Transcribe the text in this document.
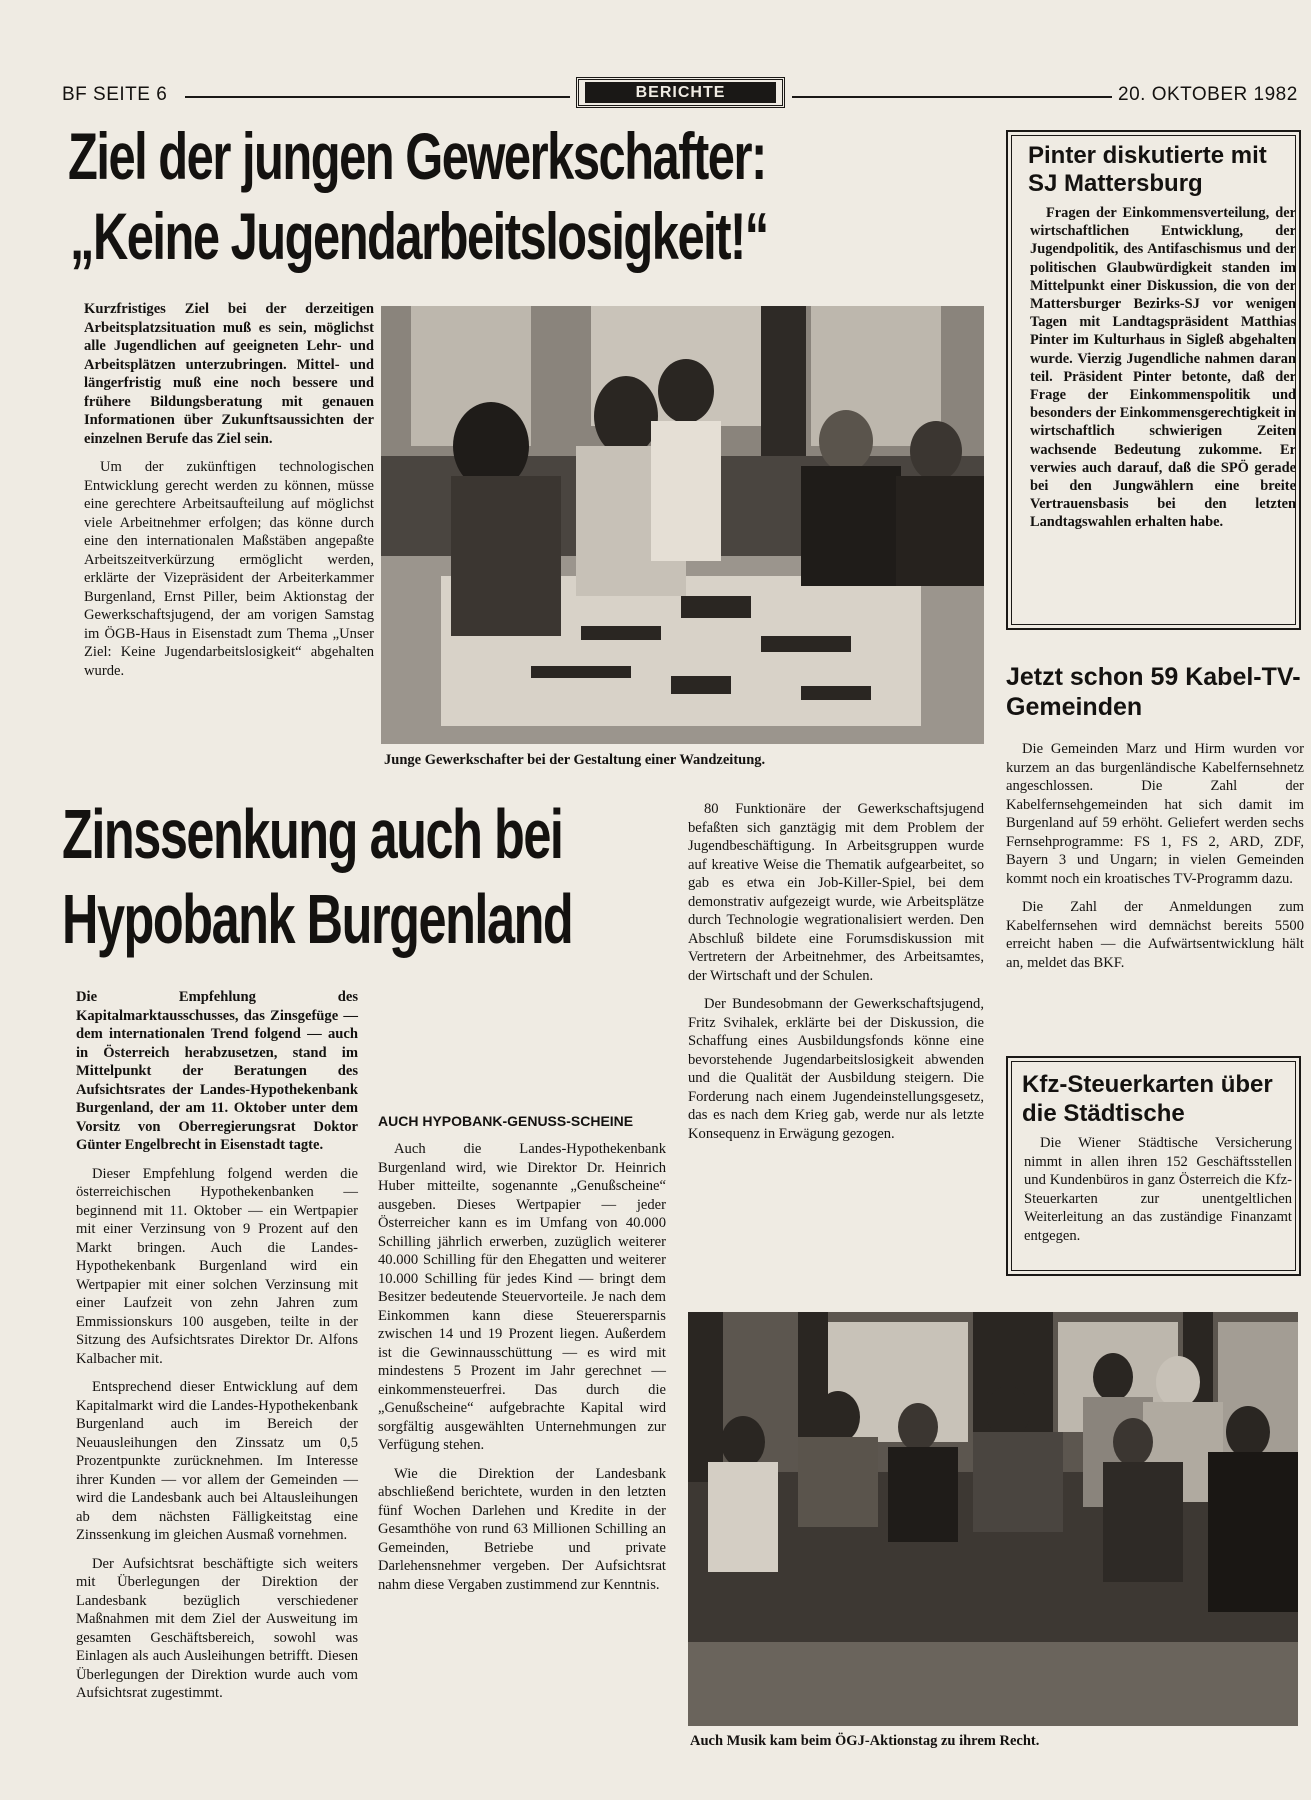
BF SEITE 6	BERICHTE	20. OKTOBER 1982
Ziel der jungen Gewerkschafter:
„Keine Jugendarbeitslosigkeit!“

Kurzfristiges Ziel bei der derzeitigen Arbeitsplatzsituation muß es sein, möglichst alle Jugendlichen auf geeigneten Lehr- und Arbeitsplätzen unterzubringen. Mittel- und längerfristig muß eine noch bessere und frühere Bildungsberatung mit genauen Informationen über Zukunftsaussichten der einzelnen Berufe das Ziel sein.

Um der zukünftigen technologischen Entwicklung gerecht werden zu können, müsse eine gerechtere Arbeitsaufteilung auf möglichst viele Arbeitnehmer erfolgen; das könne durch eine den internationalen Maßstäben angepaßte Arbeitszeitverkürzung ermöglicht werden, erklärte der Vizepräsident der Arbeiterkammer Burgenland, Ernst Piller, beim Aktionstag der Gewerkschaftsjugend, der am vorigen Samstag im ÖGB-Haus in Eisenstadt zum Thema „Unser Ziel: Keine Jugendarbeitslosigkeit“ abgehalten wurde.

Junge Gewerkschafter bei der Gestaltung einer Wandzeitung.
Zinssenkung auch bei
Hypobank Burgenland

Die Empfehlung des Kapitalmarktausschusses, das Zinsgefüge — dem internationalen Trend folgend — auch in Österreich herabzusetzen, stand im Mittelpunkt der Beratungen des Aufsichtsrates der Landes-Hypothekenbank Burgenland, der am 11. Oktober unter dem Vorsitz von Oberregierungsrat Doktor Günter Engelbrecht in Eisenstadt tagte.

Dieser Empfehlung folgend werden die österreichischen Hypothekenbanken — beginnend mit 11. Oktober — ein Wertpapier mit einer Verzinsung von 9 Prozent auf den Markt bringen. Auch die Landes-Hypothekenbank Burgenland wird ein Wertpapier mit einer solchen Verzinsung mit einer Laufzeit von zehn Jahren zum Emmissionskurs 100 ausgeben, teilte in der Sitzung des Aufsichtsrates Direktor Dr. Alfons Kalbacher mit.

Entsprechend dieser Entwicklung auf dem Kapitalmarkt wird die Landes-Hypothekenbank Burgenland auch im Bereich der Neuausleihungen den Zinssatz um 0,5 Prozentpunkte zurücknehmen. Im Interesse ihrer Kunden — vor allem der Gemeinden — wird die Landesbank auch bei Altausleihungen ab dem nächsten Fälligkeitstag eine Zinssenkung im gleichen Ausmaß vornehmen.

Der Aufsichtsrat beschäftigte sich weiters mit Überlegungen der Direktion der Landesbank bezüglich verschiedener Maßnahmen mit dem Ziel der Ausweitung im gesamten Geschäftsbereich, sowohl was Einlagen als auch Ausleihungen betrifft. Diesen Überlegungen der Direktion wurde auch vom Aufsichtsrat zugestimmt.

AUCH HYPOBANK-GENUSS-SCHEINE

Auch die Landes-Hypothekenbank Burgenland wird, wie Direktor Dr. Heinrich Huber mitteilte, sogenannte „Genußscheine“ ausgeben. Dieses Wertpapier — jeder Österreicher kann es im Umfang von 40.000 Schilling jährlich erwerben, zuzüglich weiterer 40.000 Schilling für den Ehegatten und weiterer 10.000 Schilling für jedes Kind — bringt dem Besitzer bedeutende Steuervorteile. Je nach dem Einkommen kann diese Steuerersparnis zwischen 14 und 19 Prozent liegen. Außerdem ist die Gewinnausschüttung — es wird mit mindestens 5 Prozent im Jahr gerechnet — einkommensteuerfrei. Das durch die „Genußscheine“ aufgebrachte Kapital wird sorgfältig ausgewählten Unternehmungen zur Verfügung stehen.

Wie die Direktion der Landesbank abschließend berichtete, wurden in den letzten fünf Wochen Darlehen und Kredite in der Gesamthöhe von rund 63 Millionen Schilling an Gemeinden, Betriebe und private Darlehensnehmer vergeben. Der Aufsichtsrat nahm diese Vergaben zustimmend zur Kenntnis.

80 Funktionäre der Gewerkschaftsjugend befaßten sich ganztägig mit dem Problem der Jugendbeschäftigung. In Arbeitsgruppen wurde auf kreative Weise die Thematik aufgearbeitet, so gab es etwa ein Job-Killer-Spiel, bei dem demonstrativ aufgezeigt wurde, wie Arbeitsplätze durch Technologie wegrationalisiert werden. Den Abschluß bildete eine Forumsdiskussion mit Vertretern der Arbeitnehmer, des Arbeitsamtes, der Wirtschaft und der Schulen.

Der Bundesobmann der Gewerkschaftsjugend, Fritz Svihalek, erklärte bei der Diskussion, die Schaffung eines Ausbildungsfonds könne eine bevorstehende Jugendarbeitslosigkeit abwenden und die Qualität der Ausbildung steigern. Die Forderung nach einem Jugendeinstellungsgesetz, das es nach dem Krieg gab, werde nur als letzte Konsequenz in Erwägung gezogen.

Auch Musik kam beim ÖGJ-Aktionstag zu ihrem Recht.
Pinter diskutierte mit SJ Mattersburg
Fragen der Einkommensverteilung, der wirtschaftlichen Entwicklung, der Jugendpolitik, des Antifaschismus und der politischen Glaubwürdigkeit standen im Mittelpunkt einer Diskussion, die von der Mattersburger Bezirks-SJ vor wenigen Tagen mit Landtagspräsident Matthias Pinter im Kulturhaus in Sigleß abgehalten wurde. Vierzig Jugendliche nahmen daran teil. Präsident Pinter betonte, daß der Frage der Einkommenspolitik und besonders der Einkommensgerechtigkeit in wirtschaftlich schwierigen Zeiten wachsende Bedeutung zukomme. Er verwies auch darauf, daß die SPÖ gerade bei den Jungwählern eine breite Vertrauensbasis bei den letzten Landtagswahlen erhalten habe.
Jetzt schon 59 Kabel-TV-Gemeinden

Die Gemeinden Marz und Hirm wurden vor kurzem an das burgenländische Kabelfernsehnetz angeschlossen. Die Zahl der Kabelfernsehgemeinden hat sich damit im Burgenland auf 59 erhöht. Geliefert werden sechs Fernsehprogramme: FS 1, FS 2, ARD, ZDF, Bayern 3 und Ungarn; in vielen Gemeinden kommt noch ein kroatisches TV-Programm dazu.

Die Zahl der Anmeldungen zum Kabelfernsehen wird demnächst bereits 5500 erreicht haben — die Aufwärtsentwicklung hält an, meldet das BKF.

Kfz-Steuerkarten über die Städtische
Die Wiener Städtische Versicherung nimmt in allen ihren 152 Geschäftsstellen und Kundenbüros in ganz Österreich die Kfz-Steuerkarten zur unentgeltlichen Weiterleitung an das zuständige Finanzamt entgegen.
